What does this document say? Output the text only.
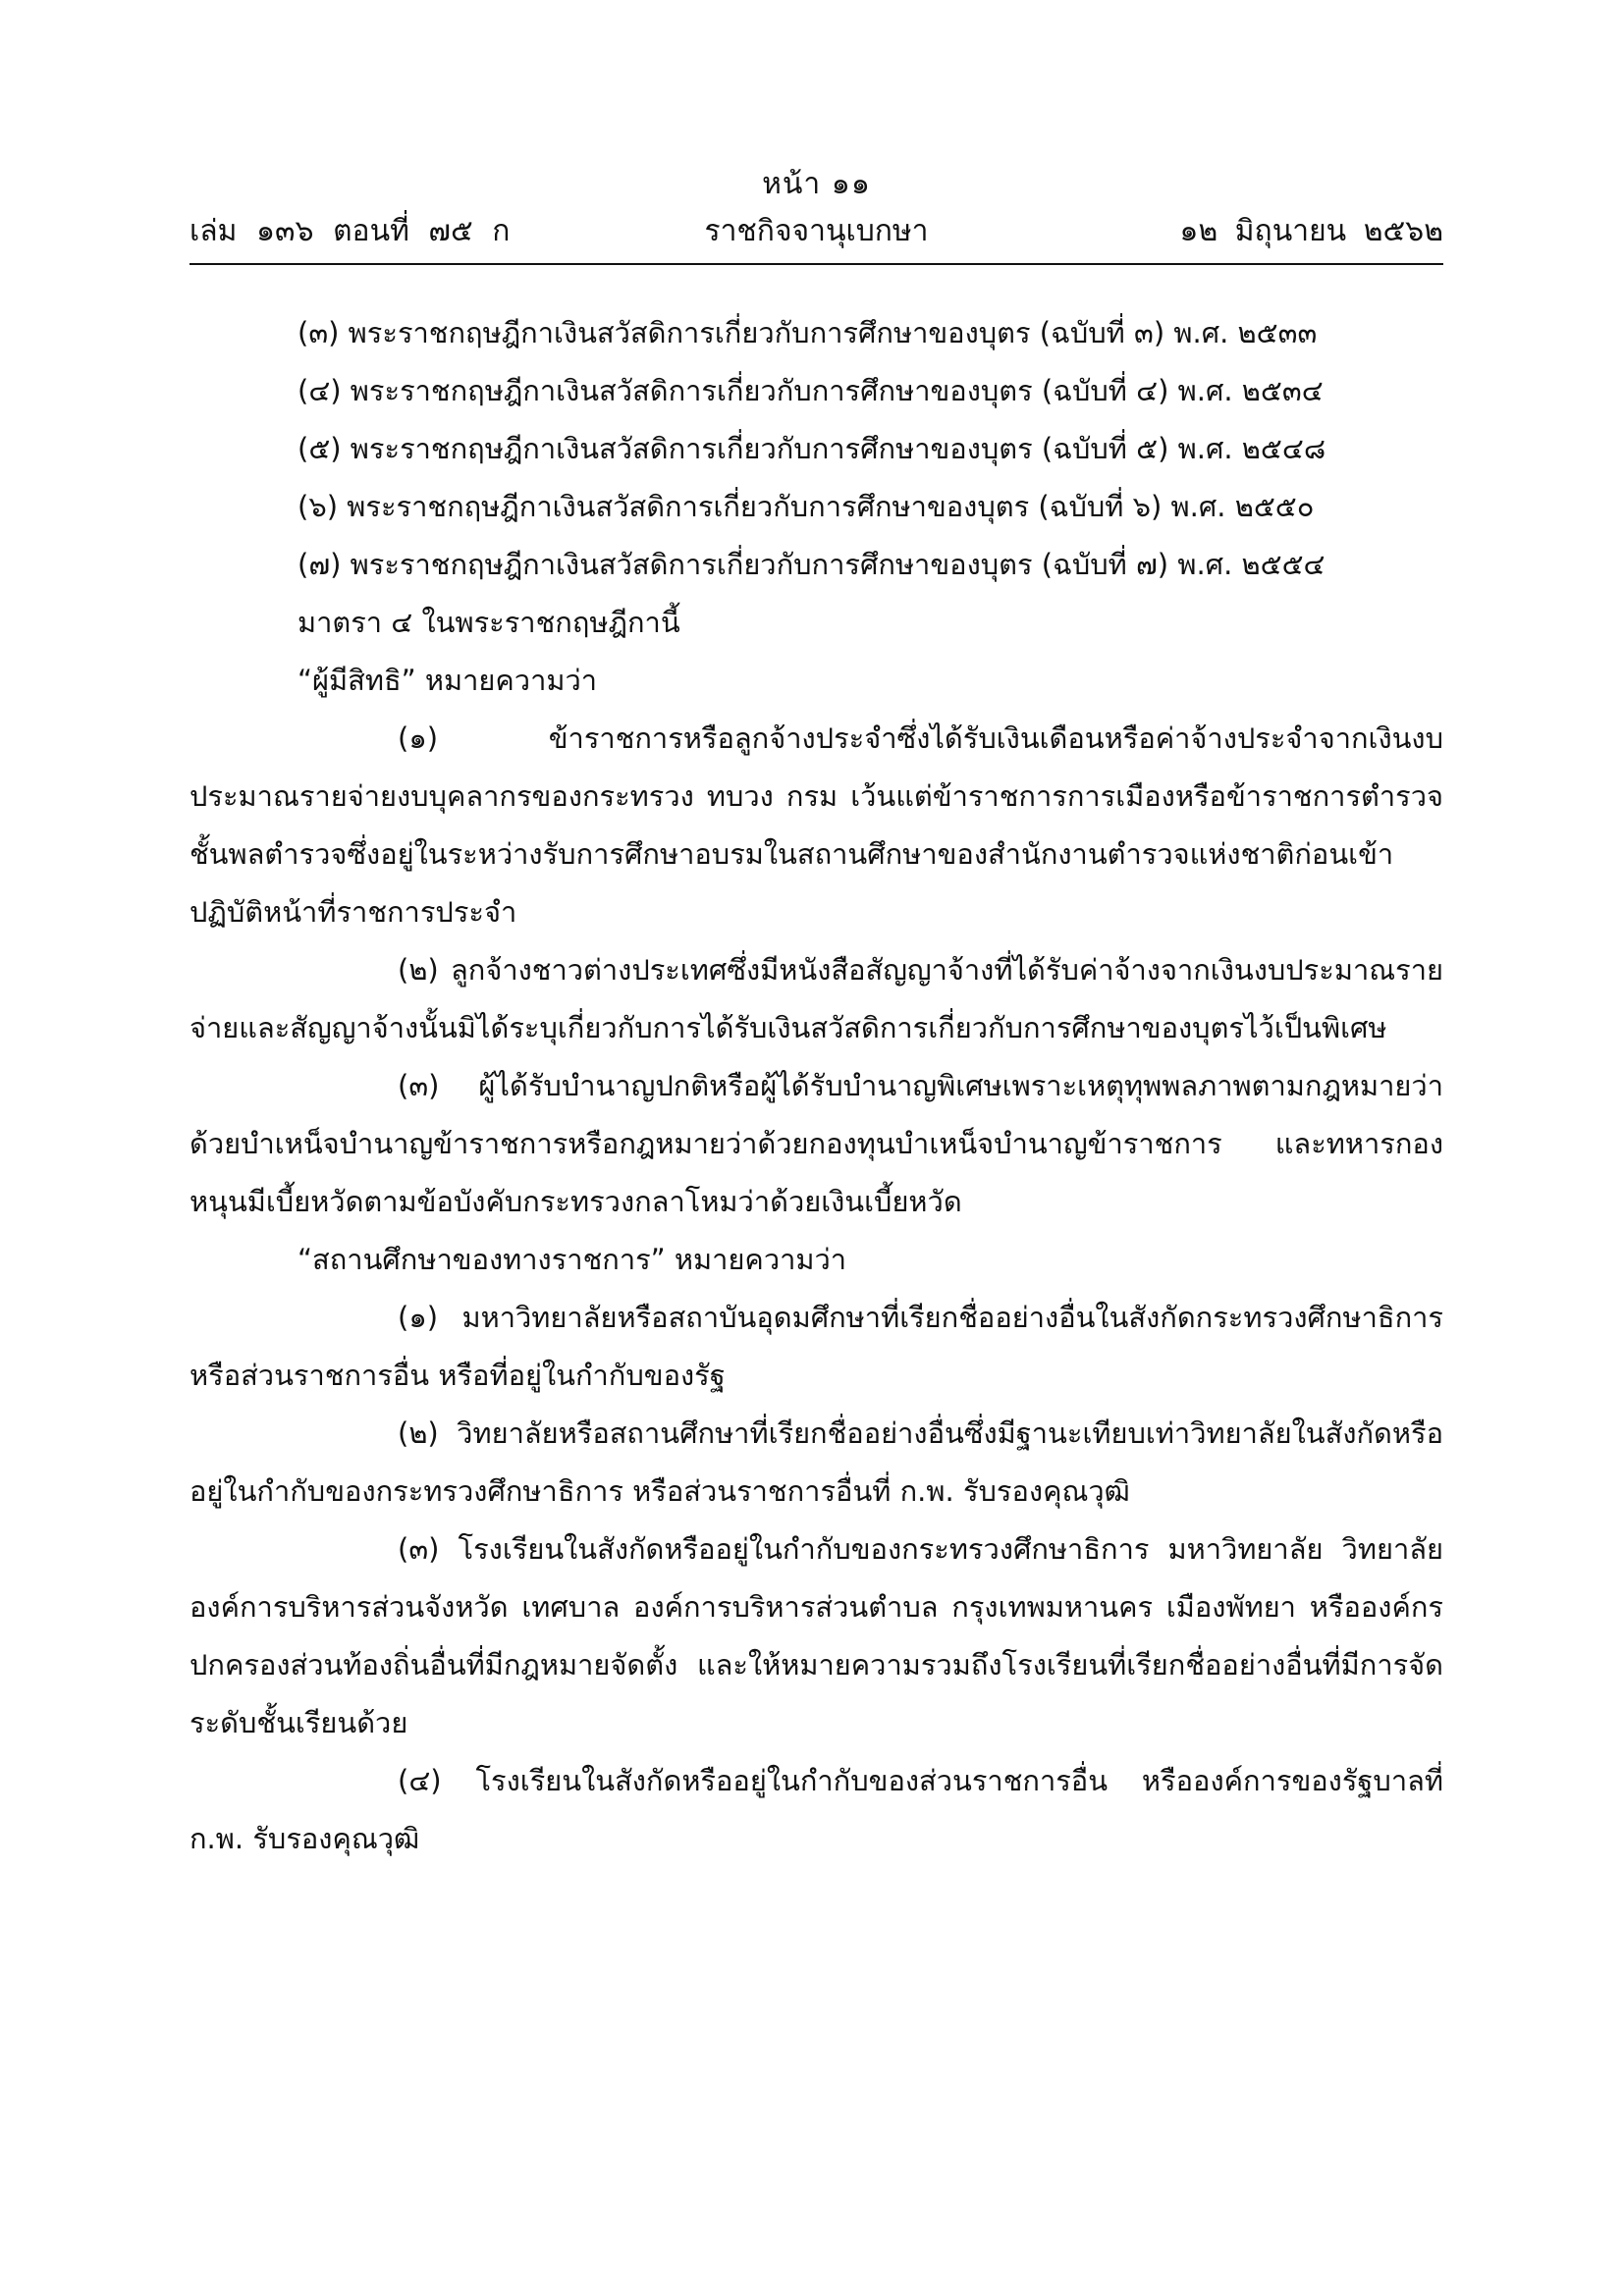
หน้า ๑๑
เล่ม ๑๓๖ ตอนที่ ๗๕ ก	ราชกิจจานุเบกษา	๑๒ มิถุนายน ๒๕๖๒

(๓) พระราชกฤษฎีกาเงินสวัสดิการเกี่ยวกับการศึกษาของบุตร (ฉบับที่ ๓) พ.ศ. ๒๕๓๓

(๔) พระราชกฤษฎีกาเงินสวัสดิการเกี่ยวกับการศึกษาของบุตร (ฉบับที่ ๔) พ.ศ. ๒๕๓๔

(๕) พระราชกฤษฎีกาเงินสวัสดิการเกี่ยวกับการศึกษาของบุตร (ฉบับที่ ๕) พ.ศ. ๒๕๔๘

(๖) พระราชกฤษฎีกาเงินสวัสดิการเกี่ยวกับการศึกษาของบุตร (ฉบับที่ ๖) พ.ศ. ๒๕๕๐

(๗) พระราชกฤษฎีกาเงินสวัสดิการเกี่ยวกับการศึกษาของบุตร (ฉบับที่ ๗) พ.ศ. ๒๕๕๔

มาตรา ๔ ในพระราชกฤษฎีกานี้

“ผู้มีสิทธิ” หมายความว่า

(๑) ข้าราชการหรือลูกจ้างประจำซึ่งได้รับเงินเดือนหรือค่าจ้างประจำจากเงินงบประมาณรายจ่ายงบบุคลากรของกระทรวง ทบวง กรม เว้นแต่ข้าราชการการเมืองหรือข้าราชการตำรวจชั้นพลตำรวจซึ่งอยู่ในระหว่างรับการศึกษาอบรมในสถานศึกษาของสำนักงานตำรวจแห่งชาติก่อนเข้าปฏิบัติหน้าที่ราชการประจำ

(๒) ลูกจ้างชาวต่างประเทศซึ่งมีหนังสือสัญญาจ้างที่ได้รับค่าจ้างจากเงินงบประมาณรายจ่ายและสัญญาจ้างนั้นมิได้ระบุเกี่ยวกับการได้รับเงินสวัสดิการเกี่ยวกับการศึกษาของบุตรไว้เป็นพิเศษ

(๓) ผู้ได้รับบำนาญปกติหรือผู้ได้รับบำนาญพิเศษเพราะเหตุทุพพลภาพตามกฎหมายว่าด้วยบำเหน็จบำนาญข้าราชการหรือกฎหมายว่าด้วยกองทุนบำเหน็จบำนาญข้าราชการ และทหารกองหนุนมีเบี้ยหวัดตามข้อบังคับกระทรวงกลาโหมว่าด้วยเงินเบี้ยหวัด

“สถานศึกษาของทางราชการ” หมายความว่า

(๑) มหาวิทยาลัยหรือสถาบันอุดมศึกษาที่เรียกชื่ออย่างอื่นในสังกัดกระทรวงศึกษาธิการหรือส่วนราชการอื่น หรือที่อยู่ในกำกับของรัฐ

(๒) วิทยาลัยหรือสถานศึกษาที่เรียกชื่ออย่างอื่นซึ่งมีฐานะเทียบเท่าวิทยาลัยในสังกัดหรืออยู่ในกำกับของกระทรวงศึกษาธิการ หรือส่วนราชการอื่นที่ ก.พ. รับรองคุณวุฒิ

(๓) โรงเรียนในสังกัดหรืออยู่ในกำกับของกระทรวงศึกษาธิการ มหาวิทยาลัย วิทยาลัยองค์การบริหารส่วนจังหวัด เทศบาล องค์การบริหารส่วนตำบล กรุงเทพมหานคร เมืองพัทยา หรือองค์กรปกครองส่วนท้องถิ่นอื่นที่มีกฎหมายจัดตั้ง และให้หมายความรวมถึงโรงเรียนที่เรียกชื่ออย่างอื่นที่มีการจัดระดับชั้นเรียนด้วย

(๔) โรงเรียนในสังกัดหรืออยู่ในกำกับของส่วนราชการอื่น หรือองค์การของรัฐบาลที่ ก.พ. รับรองคุณวุฒิ
